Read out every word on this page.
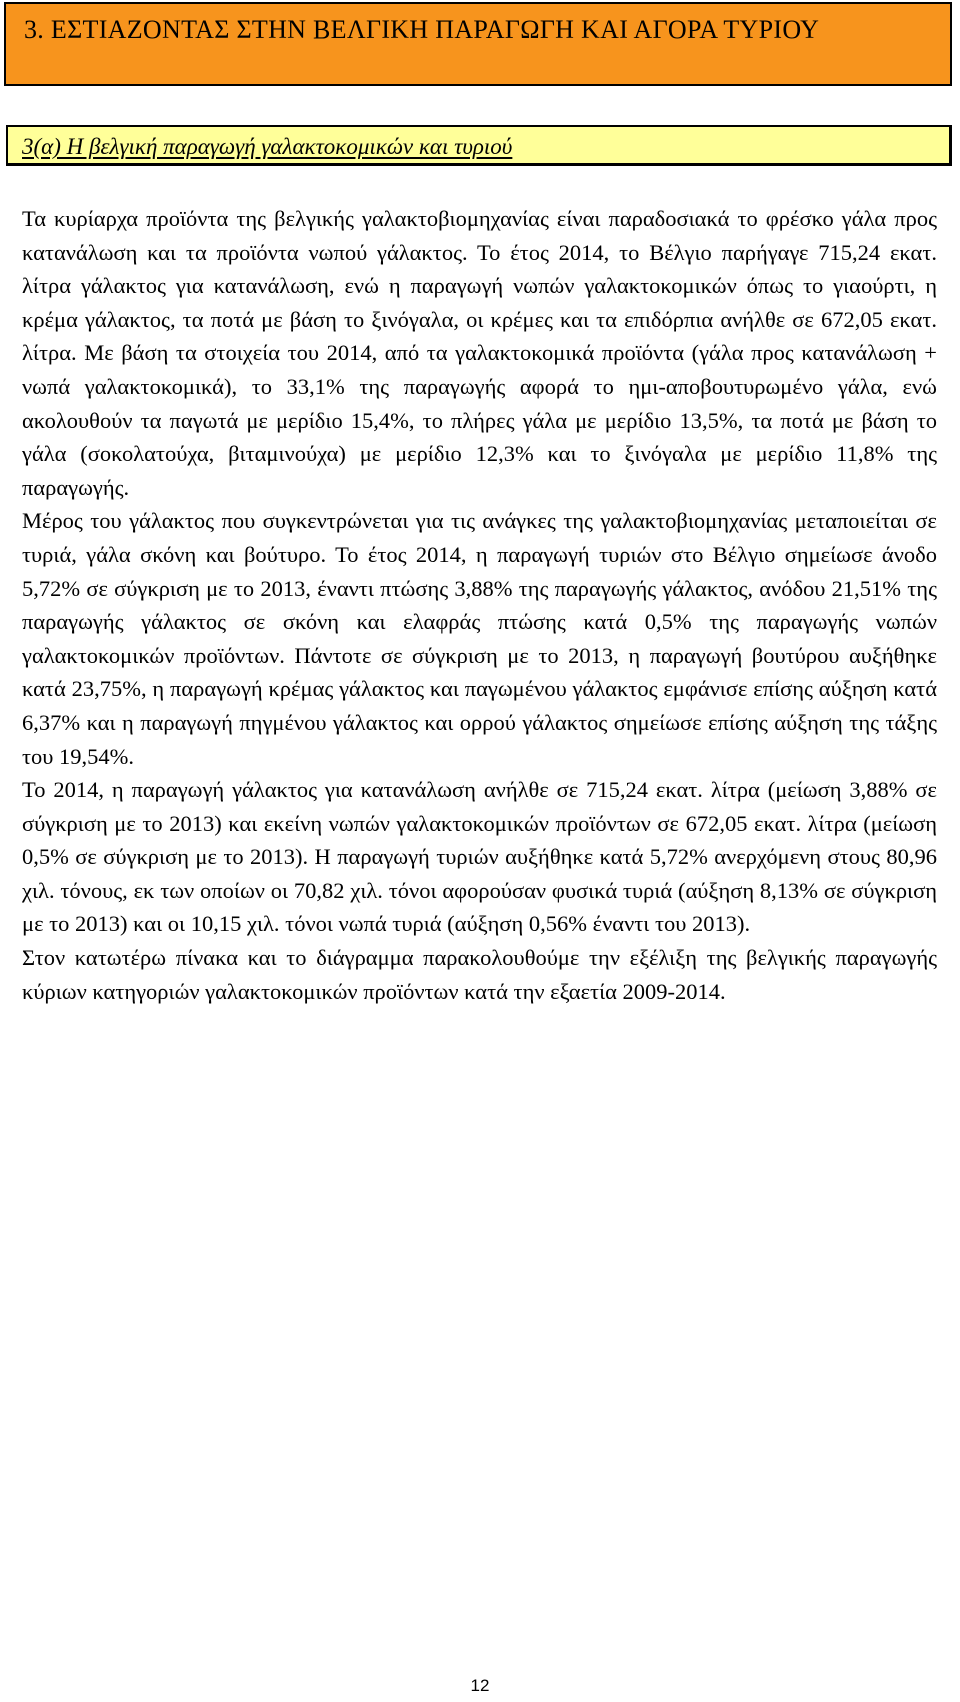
3. ΕΣΤΙΑΖΟΝΤΑΣ ΣΤΗΝ ΒΕΛΓΙΚΗ ΠΑΡΑΓΩΓΗ ΚΑΙ ΑΓΟΡΑ ΤΥΡΙΟΥ
3(α) Η βελγική παραγωγή γαλακτοκομικών και τυριού

Τα κυρίαρχα προϊόντα της βελγικής γαλακτοβιομηχανίας είναι παραδοσιακά το φρέσκο γάλα προς κατανάλωση και τα προϊόντα νωπού γάλακτος. Το έτος 2014, το Βέλγιο παρήγαγε 715,24 εκατ. λίτρα γάλακτος για κατανάλωση, ενώ η παραγωγή νωπών γαλακτοκομικών όπως το γιαούρτι, η κρέμα γάλακτος, τα ποτά με βάση το ξινόγαλα, οι κρέμες και τα επιδόρπια ανήλθε σε 672,05 εκατ. λίτρα. Με βάση τα στοιχεία του 2014, από τα γαλακτοκομικά προϊόντα (γάλα προς κατανάλωση + νωπά γαλακτοκομικά), το 33,1% της παραγωγής αφορά το ημι-αποβουτυρωμένο γάλα, ενώ ακολουθούν τα παγωτά με μερίδιο 15,4%, το πλήρες γάλα με μερίδιο 13,5%, τα ποτά με βάση το γάλα (σοκολατούχα, βιταμινούχα) με μερίδιο 12,3% και το ξινόγαλα με μερίδιο 11,8% της παραγωγής.

Μέρος του γάλακτος που συγκεντρώνεται για τις ανάγκες της γαλακτοβιομηχανίας μεταποιείται σε τυριά, γάλα σκόνη και βούτυρο. Το έτος 2014, η παραγωγή τυριών στο Βέλγιο σημείωσε άνοδο 5,72% σε σύγκριση με το 2013, έναντι πτώσης 3,88% της παραγωγής γάλακτος, ανόδου 21,51% της παραγωγής γάλακτος σε σκόνη και ελαφράς πτώσης κατά 0,5% της παραγωγής νωπών γαλακτοκομικών προϊόντων. Πάντοτε σε σύγκριση με το 2013, η παραγωγή βουτύρου αυξήθηκε κατά 23,75%, η παραγωγή κρέμας γάλακτος και παγωμένου γάλακτος εμφάνισε επίσης αύξηση κατά 6,37% και η παραγωγή πηγμένου γάλακτος και ορρού γάλακτος σημείωσε επίσης αύξηση της τάξης του 19,54%.

Το 2014, η παραγωγή γάλακτος για κατανάλωση ανήλθε σε 715,24 εκατ. λίτρα (μείωση 3,88% σε σύγκριση με το 2013) και εκείνη νωπών γαλακτοκομικών προϊόντων σε 672,05 εκατ. λίτρα (μείωση 0,5% σε σύγκριση με το 2013). Η παραγωγή τυριών αυξήθηκε κατά 5,72% ανερχόμενη στους 80,96 χιλ. τόνους, εκ των οποίων οι 70,82 χιλ. τόνοι αφορούσαν φυσικά τυριά (αύξηση 8,13% σε σύγκριση με το 2013) και οι 10,15 χιλ. τόνοι νωπά τυριά (αύξηση 0,56% έναντι του 2013).

Στον κατωτέρω πίνακα και το διάγραμμα παρακολουθούμε την εξέλιξη της βελγικής παραγωγής κύριων κατηγοριών γαλακτοκομικών προϊόντων κατά την εξαετία 2009-2014.

12
